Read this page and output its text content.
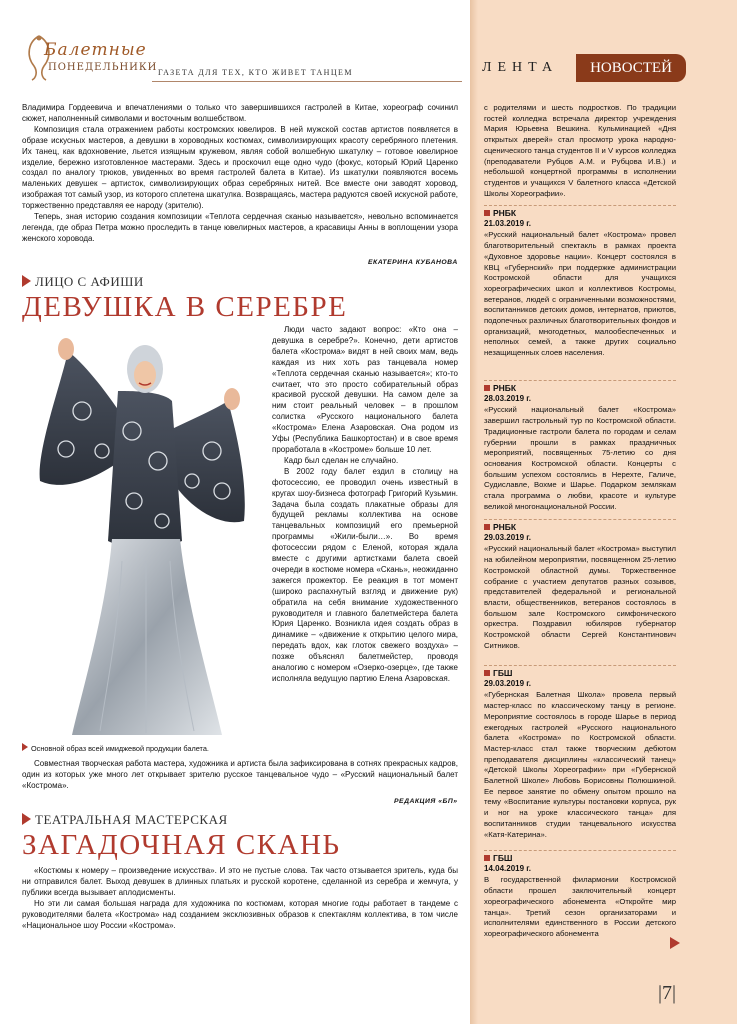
Балетные
ПОНЕДЕЛЬНИКИ ГАЗЕТА ДЛЯ ТЕХ, КТО ЖИВЕТ ТАНЦЕМ	ЛЕНТА	НОВОСТЕЙ

Владимира Гордеевича и впечатлениями о только что завершившихся гастролей в Китае, хореограф сочинил сюжет, наполненный символами и восточным волшебством.

Композиция стала отражением работы костромских ювелиров. В ней мужской состав артистов появляется в образе искусных мастеров, а девушки в хороводных костюмах, символизирующих красоту серебряного плетения. Их танец, как вдохновение, льется изящным кружевом, являя собой волшебную шкатулку – готовое ювелирное изделие, бережно изготовленное мастерами. Здесь и проскочил еще одно чудо (фокус, который Юрий Царенко создал по аналогу трюков, увиденных во время гастролей балета в Китае). Из шкатулки появляются восемь маленьких девушек – артисток, символизирующих образ серебряных нитей. Все вместе они заводят хоровод, изображая тот самый узор, из которого сплетена шкатулка. Возвращаясь, мастера радуются своей искусной работе, торжественно представляя ее народу (зрителю).

Теперь, зная историю создания композиции «Теплота сердечная сканью называется», невольно вспоминается легенда, где образ Петра можно проследить в танце ювелирных мастеров, а красавицы Анны в воплощении узора женского хоровода.

ЕКАТЕРИНА КУБАНОВА
ЛИЦО С АФИШИ
ДЕВУШКА В СЕРЕБРЕ
Основной образ всей имиджевой продукции балета.

Люди часто задают вопрос: «Кто она – девушка в серебре?». Конечно, дети артистов балета «Кострома» видят в ней своих мам, ведь каждая из них хоть раз танцевала номер «Теплота сердечная сканью называется»; кто-то считает, что это просто собирательный образ красивой русской девушки. На самом деле за ним стоит реальный человек – в прошлом солистка «Русского национального балета «Кострома» Елена Азаровская. Она родом из Уфы (Республика Башкортостан) и в свое время проработала в «Костроме» больше 10 лет.

Кадр был сделан не случайно.

В 2002 году балет ездил в столицу на фотосессию, ее проводил очень известный в кругах шоу-бизнеса фотограф Григорий Кузьмин. Задача была создать плакатные образы для будущей рекламы коллектива на основе танцевальных композиций его премьерной программы «Жили-были…». Во время фотосессии рядом с Еленой, которая ждала вместе с другими артистками балета своей очереди в костюме номера «Скань», неожиданно зажегся прожектор. Ее реакция в тот момент (широко распахнутый взгляд и движение рук) обратила на себя внимание художественного руководителя и главного балетмейстера балета Юрия Царенко. Возникла идея создать образ в динамике – «движение к открытию целого мира, передать вдох, как глоток свежего воздуха» – позже объяснял балетмейстер, проводя аналогию с номером «Озерко-озерце», где также исполняла ведущую партию Елена Азаровская.

Совместная творческая работа мастера, художника и артиста была зафиксирована в сотнях прекрасных кадров, один из которых уже много лет открывает зрителю русское танцевальное чудо – «Русский национальный балет «Кострома».

РЕДАКЦИЯ «БП»
ТЕАТРАЛЬНАЯ МАСТЕРСКАЯ
ЗАГАДОЧНАЯ СКАНЬ

«Костюмы к номеру – произведение искусства». И это не пустые слова. Так часто отзывается зритель, куда бы ни отправился балет. Выход девушек в длинных платьях и русской коротене, сделанной из серебра и жемчуга, у публики всегда вызывает аплодисменты.

Но эти ли самая большая награда для художника по костюмам, которая многие годы работает в тандеме с руководителями балета «Кострома» над созданием эксклюзивных образов к спектаклям коллектива, в том числе «Национальное шоу России «Кострома».

с родителями и шесть подростков. По традиции гостей колледжа встречала директор учреждения Мария Юрьевна Вешкина. Кульминацией «Дня открытых дверей» стал просмотр урока народно-сценического танца студентов II и V курсов колледжа (преподаватели Рубцов А.М. и Рубцова И.В.) и небольшой концертной программы в исполнении студентов и учащихся V балетного класса «Детской Школы Хореографии».

РНБК
21.03.2019 г.

«Русский национальный балет «Кострома» провел благотворительный спектакль в рамках проекта «Духовное здоровье нации». Концерт состоялся в КВЦ «Губернский» при поддержке администрации Костромской области для учащихся хореографических школ и коллективов Костромы, ветеранов, людей с ограниченными возможностями, воспитанников детских домов, интернатов, приютов, подопечных различных благотворительных фондов и организаций, многодетных, малообеспеченных и неполных семей, а также других социально незащищенных слоев населения.

РНБК
28.03.2019 г.

«Русский национальный балет «Кострома» завершил гастрольный тур по Костромской области. Традиционные гастроли балета по городам и селам губернии прошли в рамках праздничных мероприятий, посвященных 75-летию со дня основания Костромской области. Концерты с большим успехом состоялись в Нерехте, Галиче, Судиславле, Вохме и Шарье. Подарком землякам стала программа о любви, красоте и культуре великой многонациональной России.

РНБК
29.03.2019 г.

«Русский национальный балет «Кострома» выступил на юбилейном мероприятии, посвященном 25-летию Костромской областной думы. Торжественное собрание с участием депутатов разных созывов, представителей федеральной и региональной власти, общественников, ветеранов состоялось в большом зале Костромского симфонического оркестра. Поздравил юбиляров губернатор Костромской области Сергей Константинович Ситников.

ГБШ
29.03.2019 г.

«Губернская Балетная Школа» провела первый мастер-класс по классическому танцу в регионе. Мероприятие состоялось в городе Шарье в период ежегодных гастролей «Русского национального балета «Кострома» по Костромской области. Мастер-класс стал также творческим дебютом преподавателя дисциплины «классический танец» «Детской Школы Хореографии» при «Губернской Балетной Школе» Любовь Борисовны Полюшкиной. Ее первое занятие по обмену опытом прошло на тему «Воспитание культуры постановки корпуса, рук и ног на уроке классического танца» для воспитанников студии танцевального искусства «Катя-Катерина».

ГБШ
14.04.2019 г.

В государственной филармонии Костромской области прошел заключительный концерт хореографического абонемента «Откройте мир танца». Третий сезон организаторами и исполнителями единственного в России детского хореографического абонемента

|7|
